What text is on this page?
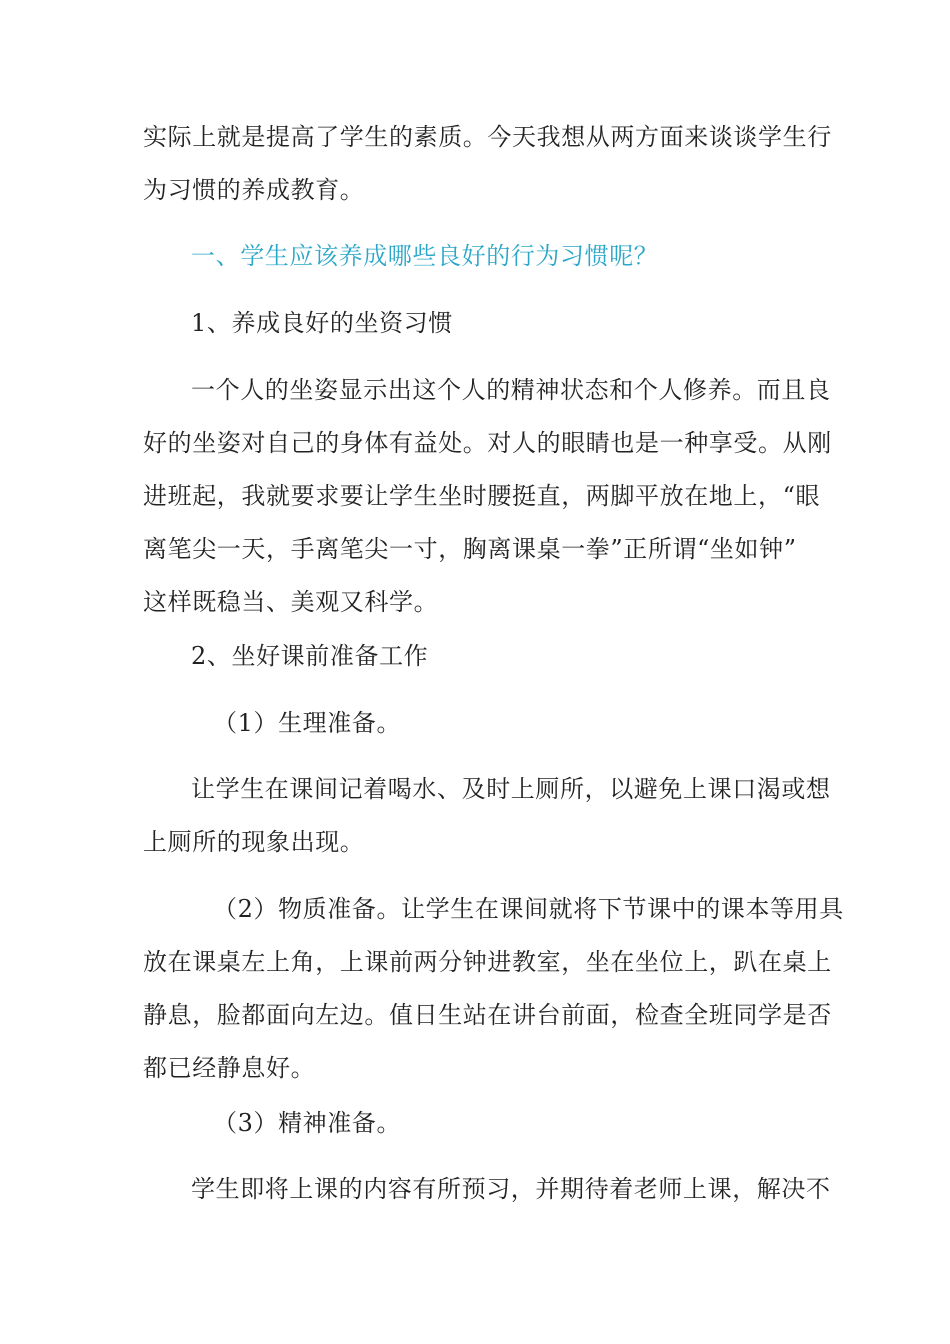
实际上就是提高了学生的素质。今天我想从两方面来谈谈学生行
为习惯的养成教育。

一、学生应该养成哪些良好的行为习惯呢？

1、养成良好的坐资习惯

一个人的坐姿显示出这个人的精神状态和个人修养。而且良
好的坐姿对自己的身体有益处。对人的眼睛也是一种享受。从刚
进班起，我就要求要让学生坐时腰挺直，两脚平放在地上，“眼
离笔尖一天，手离笔尖一寸，胸离课桌一拳”正所谓“坐如钟”
这样既稳当、美观又科学。

2、坐好课前准备工作

（1）生理准备。

让学生在课间记着喝水、及时上厕所，以避免上课口渴或想
上厕所的现象出现。

（2）物质准备。让学生在课间就将下节课中的课本等用具
放在课桌左上角，上课前两分钟进教室，坐在坐位上，趴在桌上
静息，脸都面向左边。值日生站在讲台前面，检查全班同学是否
都已经静息好。

（3）精神准备。

学生即将上课的内容有所预习，并期待着老师上课，解决不
